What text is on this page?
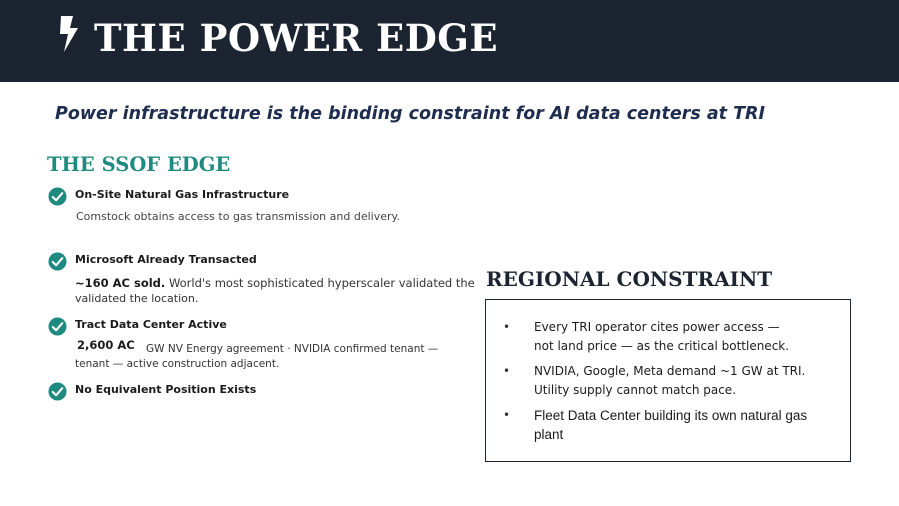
THE POWER EDGE
Power infrastructure is the binding constraint for AI data centers at TRI
THE SSOF EDGE
On-Site Natural Gas Infrastructure
Comstock obtains access to gas transmission and delivery.
Microsoft Already Transacted
~160 AC sold. World's most sophisticated hyperscaler validated the
validated the location.
Tract Data Center Active
2,600 AC GW NV Energy agreement · NVIDIA confirmed tenant —
tenant — active construction adjacent.
No Equivalent Position Exists
REGIONAL CONSTRAINT
• Every TRI operator cites power access —
not land price — as the critical bottleneck.
• NVIDIA, Google, Meta demand ~1 GW at TRI.
Utility supply cannot match pace.
• Fleet Data Center building its own natural gas
plant
